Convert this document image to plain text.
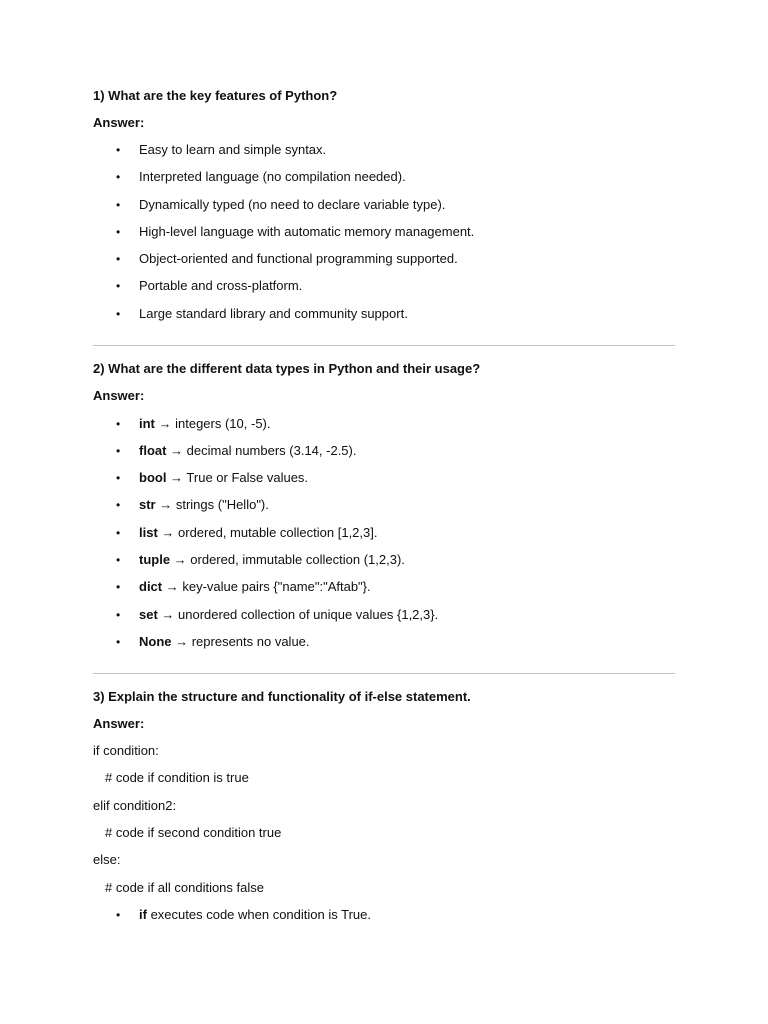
1) What are the key features of Python?
Answer:
• Easy to learn and simple syntax.
• Interpreted language (no compilation needed).
• Dynamically typed (no need to declare variable type).
• High-level language with automatic memory management.
• Object-oriented and functional programming supported.
• Portable and cross-platform.
• Large standard library and community support.
2) What are the different data types in Python and their usage?
Answer:
• int → integers (10, -5).
• float → decimal numbers (3.14, -2.5).
• bool → True or False values.
• str → strings ("Hello").
• list → ordered, mutable collection [1,2,3].
• tuple → ordered, immutable collection (1,2,3).
• dict → key-value pairs {"name":"Aftab"}.
• set → unordered collection of unique values {1,2,3}.
• None → represents no value.
3) Explain the structure and functionality of if-else statement.
Answer:
if condition:
# code if condition is true
elif condition2:
# code if second condition true
else:
# code if all conditions false
• if executes code when condition is True.
